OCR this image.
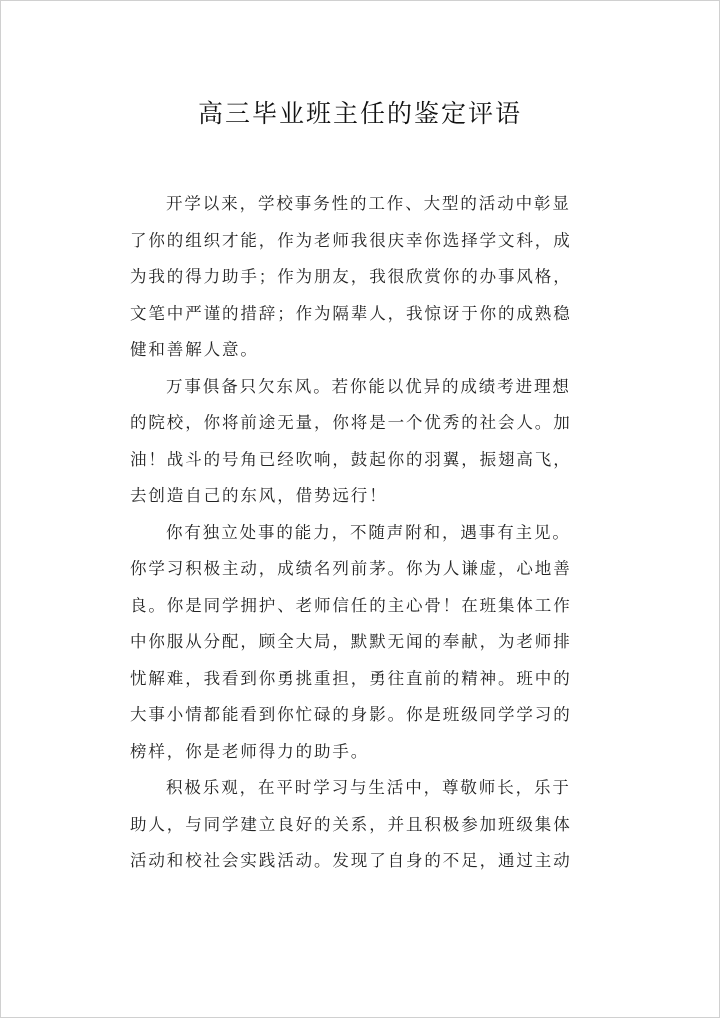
高三毕业班主任的鉴定评语
开学以来，学校事务性的工作、大型的活动中彰显
了你的组织才能，作为老师我很庆幸你选择学文科，成
为我的得力助手；作为朋友，我很欣赏你的办事风格，
文笔中严谨的措辞；作为隔辈人，我惊讶于你的成熟稳
健和善解人意。
万事俱备只欠东风。若你能以优异的成绩考进理想
的院校，你将前途无量，你将是一个优秀的社会人。加
油！战斗的号角已经吹响，鼓起你的羽翼，振翅高飞，
去创造自己的东风，借势远行！
你有独立处事的能力，不随声附和，遇事有主见。
你学习积极主动，成绩名列前茅。你为人谦虚，心地善
良。你是同学拥护、老师信任的主心骨！在班集体工作
中你服从分配，顾全大局，默默无闻的奉献，为老师排
忧解难，我看到你勇挑重担，勇往直前的精神。班中的
大事小情都能看到你忙碌的身影。你是班级同学学习的
榜样，你是老师得力的助手。
积极乐观，在平时学习与生活中，尊敬师长，乐于
助人，与同学建立良好的关系，并且积极参加班级集体
活动和校社会实践活动。发现了自身的不足，通过主动
